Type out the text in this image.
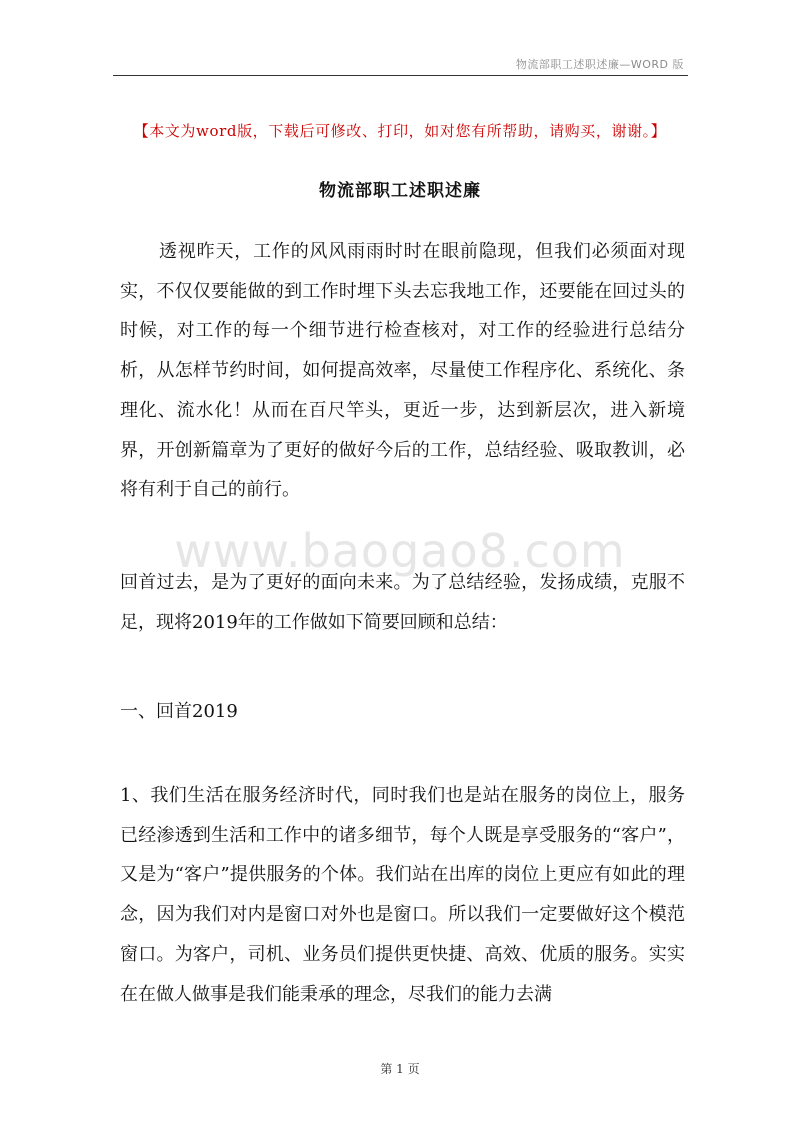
物流部职工述职述廉—WORD 版
【本文为word版，下载后可修改、打印，如对您有所帮助，请购买，谢谢。】
物流部职工述职述廉

透视昨天，工作的风风雨雨时时在眼前隐现，但我们必须面对现实，不仅仅要能做的到工作时埋下头去忘我地工作，还要能在回过头的时候，对工作的每一个细节进行检查核对，对工作的经验进行总结分析，从怎样节约时间，如何提高效率，尽量使工作程序化、系统化、条理化、流水化！从而在百尺竿头，更近一步，达到新层次，进入新境界，开创新篇章为了更好的做好今后的工作，总结经验、吸取教训，必将有利于自己的前行。

www.baogao8.com

回首过去，是为了更好的面向未来。为了总结经验，发扬成绩，克服不足，现将2019年的工作做如下简要回顾和总结：

一、回首2019

1、我们生活在服务经济时代，同时我们也是站在服务的岗位上，服务已经渗透到生活和工作中的诸多细节，每个人既是享受服务的“客户”，又是为“客户”提供服务的个体。我们站在出库的岗位上更应有如此的理念，因为我们对内是窗口对外也是窗口。所以我们一定要做好这个模范窗口。为客户，司机、业务员们提供更快捷、高效、优质的服务。实实在在做人做事是我们能秉承的理念，尽我们的能力去满

第 1 页
